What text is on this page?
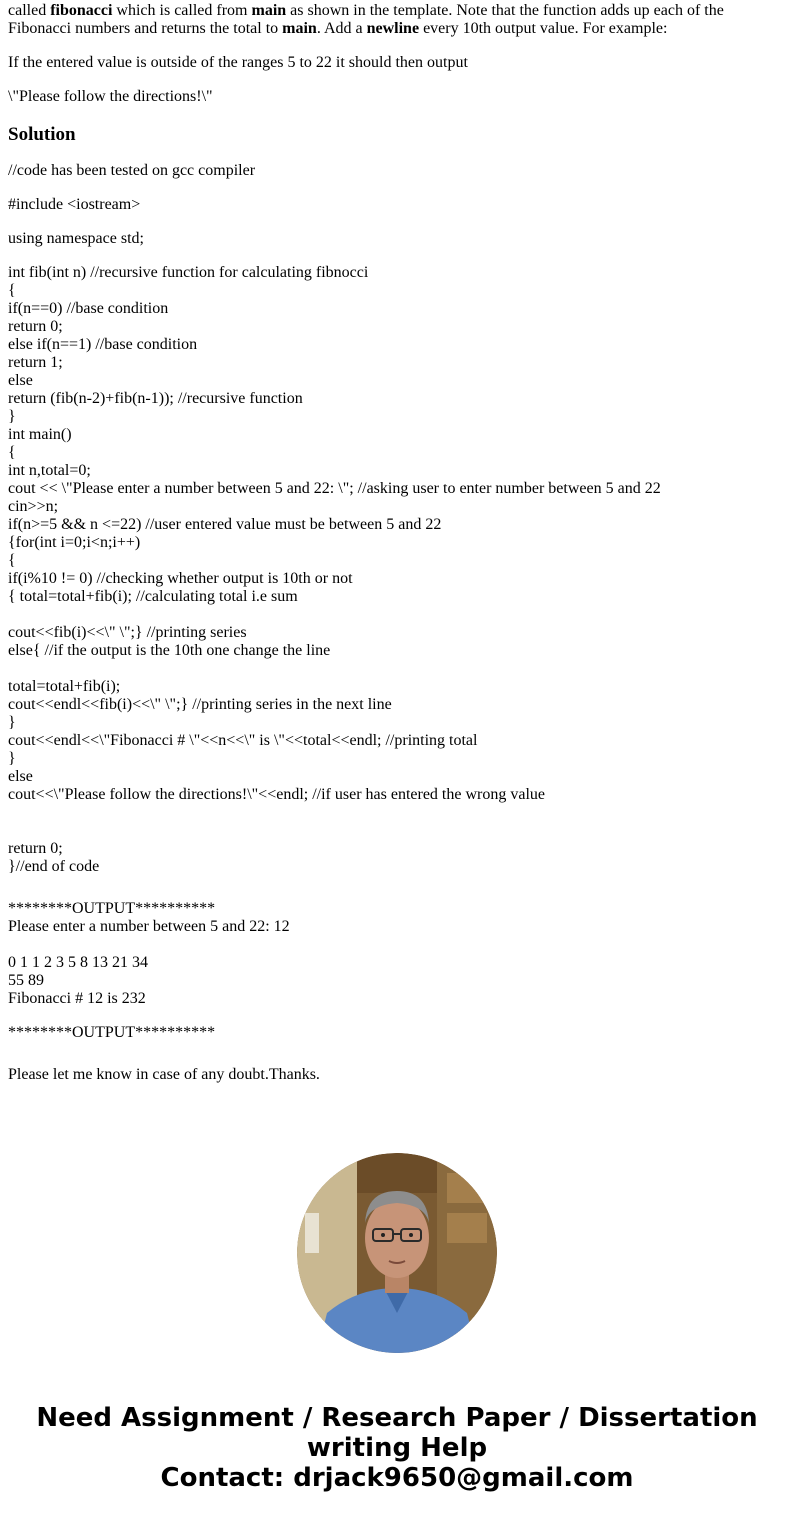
called fibonacci which is called from main as shown in the template. Note that the function adds up each of the Fibonacci numbers and returns the total to main. Add a newline every 10th output value. For example:

If the entered value is outside of the ranges 5 to 22 it should then output

\"Please follow the directions!\"

Solution

//code has been tested on gcc compiler

#include <iostream>

using namespace std;

int fib(int n) //recursive function for calculating fibnocci
{
if(n==0) //base condition
return 0;
else if(n==1) //base condition
return 1;
else
return (fib(n-2)+fib(n-1)); //recursive function
}
int main()
{
int n,total=0;
cout << \"Please enter a number between 5 and 22: \"; //asking user to enter number between 5 and 22
cin>>n;
if(n>=5 && n <=22) //user entered value must be between 5 and 22
{for(int i=0;i<n;i++)
{
if(i%10 != 0) //checking whether output is 10th or not
{ total=total+fib(i); //calculating total i.e sum
cout<<fib(i)<<\" \";} //printing series
else{ //if the output is the 10th one change the line
total=total+fib(i);
cout<<endl<<fib(i)<<\" \";} //printing series in the next line
}
cout<<endl<<\"Fibonacci # \"<<n<<\" is \"<<total<<endl; //printing total
}
else
cout<<\"Please follow the directions!\"<<endl; //if user has entered the wrong value
return 0;
}//end of code
********OUTPUT**********
Please enter a number between 5 and 22: 12
0 1 1 2 3 5 8 13 21 34
55 89
Fibonacci # 12 is 232
********OUTPUT**********
Please let me know in case of any doubt.Thanks.
Need Assignment / Research Paper / Dissertation
writing Help
Contact: drjack9650@gmail.com
